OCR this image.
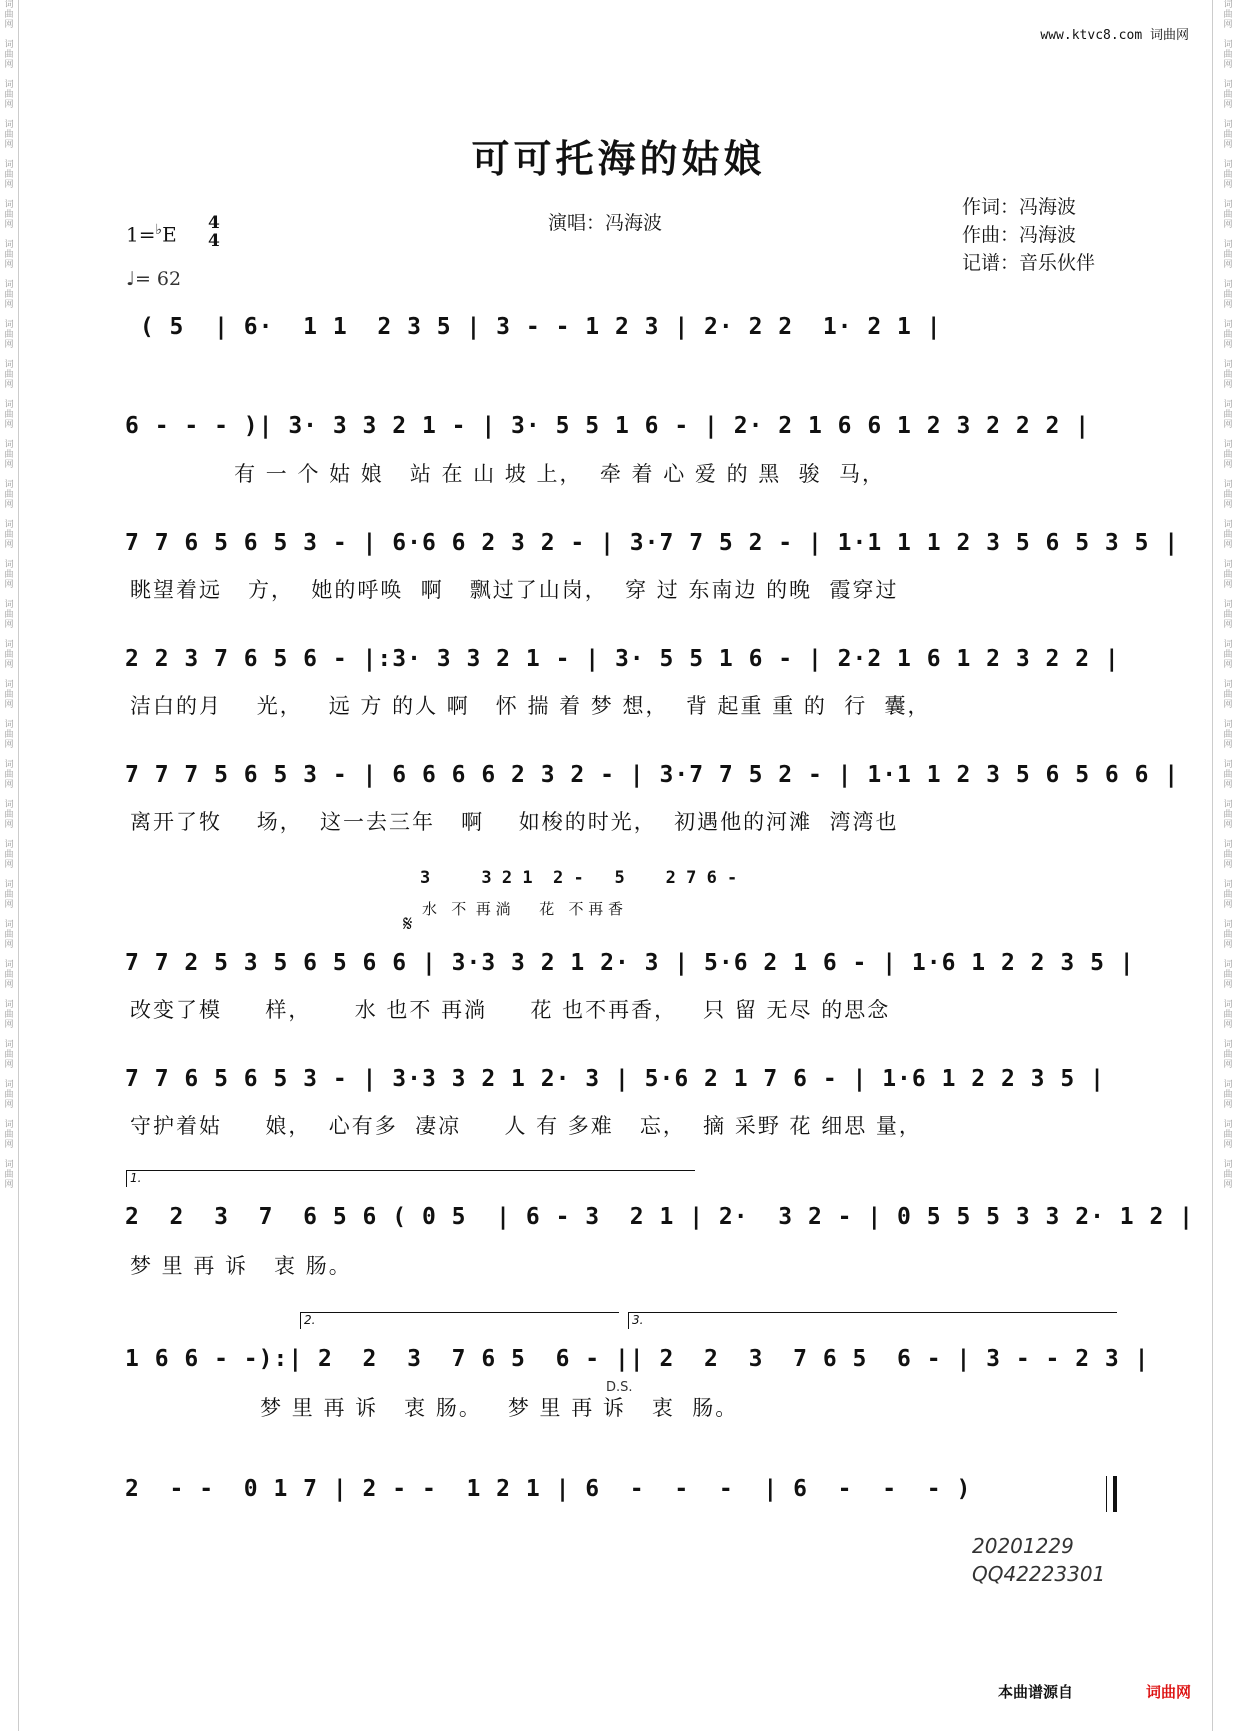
词曲网

词曲网

词曲网

词曲网

词曲网

词曲网

词曲网

词曲网

词曲网

词曲网

词曲网

词曲网

词曲网

词曲网

词曲网

词曲网

词曲网

词曲网

词曲网

词曲网

词曲网

词曲网

词曲网

词曲网

词曲网

词曲网

词曲网

词曲网

词曲网

词曲网
词曲网

词曲网

词曲网

词曲网

词曲网

词曲网

词曲网

词曲网

词曲网

词曲网

词曲网

词曲网

词曲网

词曲网

词曲网

词曲网

词曲网

词曲网

词曲网

词曲网

词曲网

词曲网

词曲网

词曲网

词曲网

词曲网

词曲网

词曲网

词曲网

词曲网
www.ktvc8.com 词曲网
可可托海的姑娘
1=♭E 4
4
♩= 62
演唱：冯海波
作词：冯海波
作曲：冯海波
记谱：音乐伙伴
( 5  | 6·  1 1  2 3 5 | 3 - - 1 2 3 | 2· 2 2  1· 2 1 |
6 - - - )| 3· 3 3 2 1 - | 3· 5 5 1 6 - | 2· 2 1 6 6 1 2 3 2 2 2 |
有 一 个 姑 娘   站 在 山 坡 上，  牵 着 心 爱 的 黑  骏  马，
7 7 6 5 6 5 3 - | 6·6 6 2 3 2 - | 3·7 7 5 2 - | 1·1 1 1 2 3 5 6 5 3 5 |
眺望着远   方，  她的呼唤  啊   飘过了山岗，  穿 过 东南边 的晚  霞穿过
2 2 3 7 6 5 6 - |:3· 3 3 2 1 - | 3· 5 5 1 6 - | 2·2 1 6 1 2 3 2 2 |
洁白的月    光，   远 方 的人 啊   怀 揣 着 梦 想，  背 起重 重 的  行  囊，
7 7 7 5 6 5 3 - | 6 6 6 6 2 3 2 - | 3·7 7 5 2 - | 1·1 1 2 3 5 6 5 6 6 |
离开了牧    场，  这一去三年   啊    如梭的时光，  初遇他的河滩  湾湾也
3     3 2 1  2 -   5    2 7 6 -
水   不  再 淌      花   不 再 香
𝄋
7 7 2 5 3 5 6 5 6 6 | 3·3 3 2 1 2· 3 | 5·6 2 1 6 - | 1·6 1 2 2 3 5 |
改变了模     样，     水 也不 再淌     花 也不再香，   只 留 无尽 的思念
7 7 6 5 6 5 3 - | 3·3 3 2 1 2· 3 | 5·6 2 1 7 6 - | 1·6 1 2 2 3 5 |
守护着姑     娘，  心有多  凄凉     人 有 多难   忘，  摘 采野 花 细思 量，
1.
2  2  3  7  6 5 6 ( 0 5  | 6 - 3  2 1 | 2·  3 2 - | 0 5 5 5 3 3 2· 1 2 |
梦 里 再 诉   衷 肠。
2.	3.
1 6 6 - -):| 2  2  3  7 6 5  6 - || 2  2  3  7 6 5  6 - | 3 - - 2 3 |
D.S.
梦 里 再 诉   衷 肠。   梦 里 再 诉   衷  肠。
2  - -  0 1 7 | 2 - -  1 2 1 | 6  -  -  -  | 6  -  -  - )
20201229
QQ42223301
本曲谱源自	词曲网
